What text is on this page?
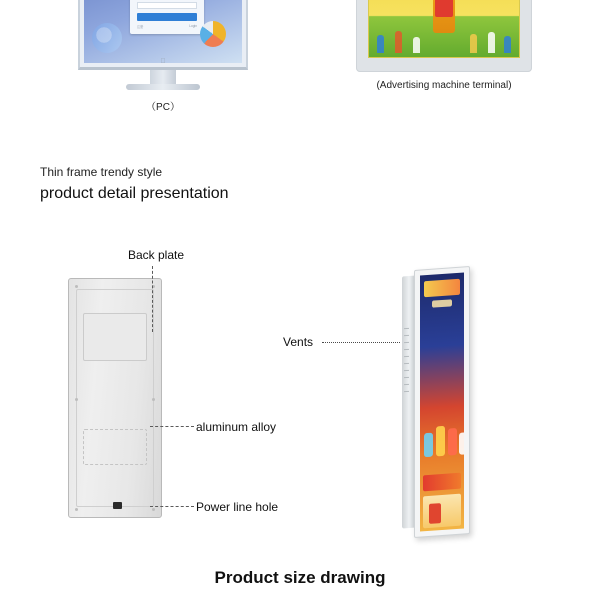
注册	Login
（PC）
(Advertising machine terminal)
Thin frame trendy style
product detail presentation
Back plate
Vents
aluminum alloy
Power line hole
Product size drawing
